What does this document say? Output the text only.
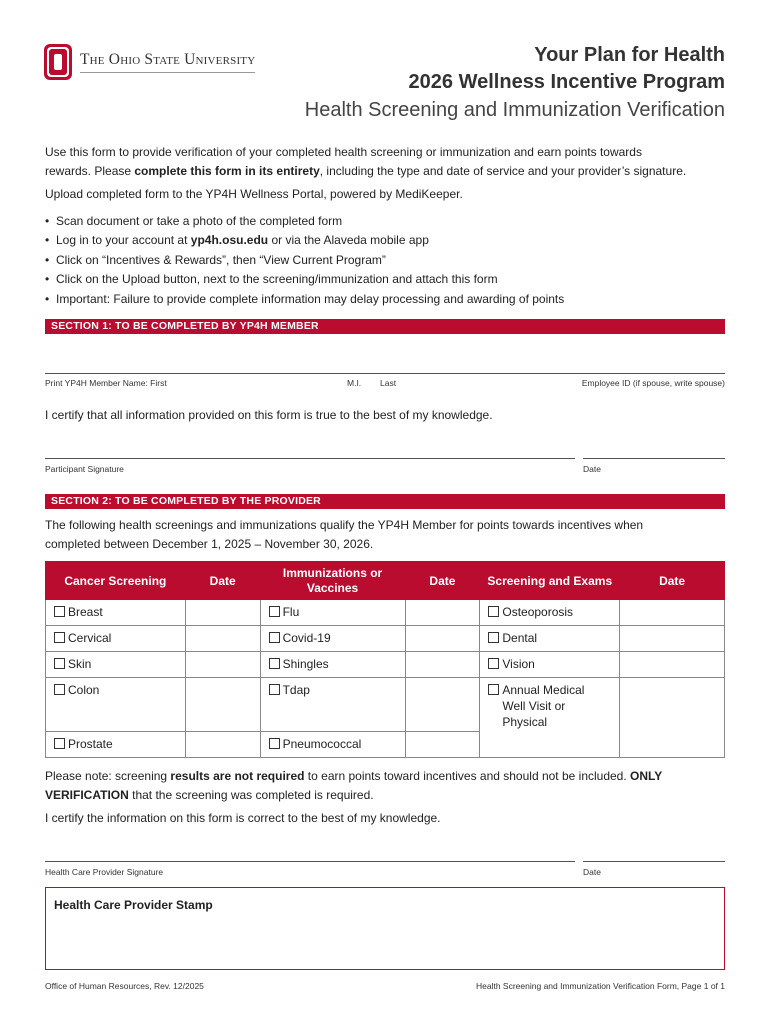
The Ohio State University	Your Plan for Health
2026 Wellness Incentive Program
Health Screening and Immunization Verification
Use this form to provide verification of your completed health screening or immunization and earn points towards
rewards. Please complete this form in its entirety, including the type and date of service and your provider’s signature.
Upload completed form to the YP4H Wellness Portal, powered by MediKeeper.
• Scan document or take a photo of the completed form
• Log in to your account at yp4h.osu.edu or via the Alaveda mobile app
• Click on “Incentives & Rewards”, then “View Current Program”
• Click on the Upload button, next to the screening/immunization and attach this form
• Important: Failure to provide complete information may delay processing and awarding of points
SECTION 1: TO BE COMPLETED BY YP4H MEMBER
Print YP4H Member Name: First	M.I. Last	Employee ID (if spouse, write spouse)
I certify that all information provided on this form is true to the best of my knowledge.
Participant Signature	Date
SECTION 2: TO BE COMPLETED BY THE PROVIDER
The following health screenings and immunizations qualify the YP4H Member for points towards incentives when
completed between December 1, 2025 – November 30, 2026.
Cancer Screening	Date	Immunizations or Vaccines	Date	Screening and Exams	Date
Breast		Flu		Osteoporosis	
Cervical		Covid-19		Dental	
Skin		Shingles		Vision	
Colon		Tdap		Annual Medical Well Visit or Physical	

Prostate		Pneumococcal			
Please note: screening results are not required to earn points toward incentives and should not be included. ONLY
VERIFICATION that the screening was completed is required.
I certify the information on this form is correct to the best of my knowledge.
Health Care Provider Signature	Date
Health Care Provider Stamp
Office of Human Resources, Rev. 12/2025	Health Screening and Immunization Verification Form, Page 1 of 1
